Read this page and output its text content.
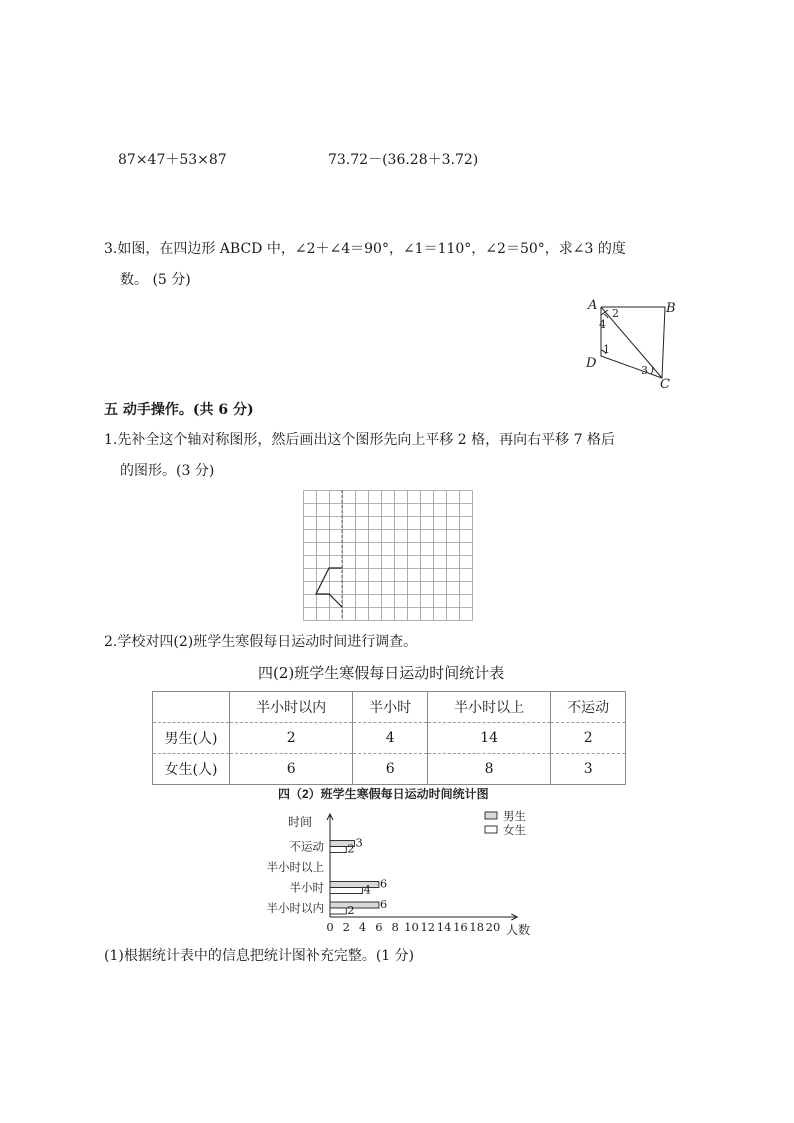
87×47＋53×87	73.72－(36.28＋3.72)
3.如图，在四边形 ABCD 中，∠2＋∠4＝90°，∠1＝110°，∠2＝50°，求∠3 的度
数。 (5 分)
A	B
C
D
1
2
3
4
五 动手操作。(共 6 分)
1.先补全这个轴对称图形，然后画出这个图形先向上平移 2 格，再向右平移 7 格后
的图形。(3 分)
2.学校对四(2)班学生寒假每日运动时间进行调查。
四(2)班学生寒假每日运动时间统计表
	半小时以内	半小时	半小时以上	不运动
男生(人)	2	4	14	2
女生(人)	6	6	8	3
四（2）班学生寒假每日运动时间统计图
时间
人数
半小时以内
半小时
半小时以上
不运动
6
2
6
4
3
2
0 2 4 6 8 10 12 14 16 18 20
男生
女生
(1)根据统计表中的信息把统计图补充完整。(1 分)
